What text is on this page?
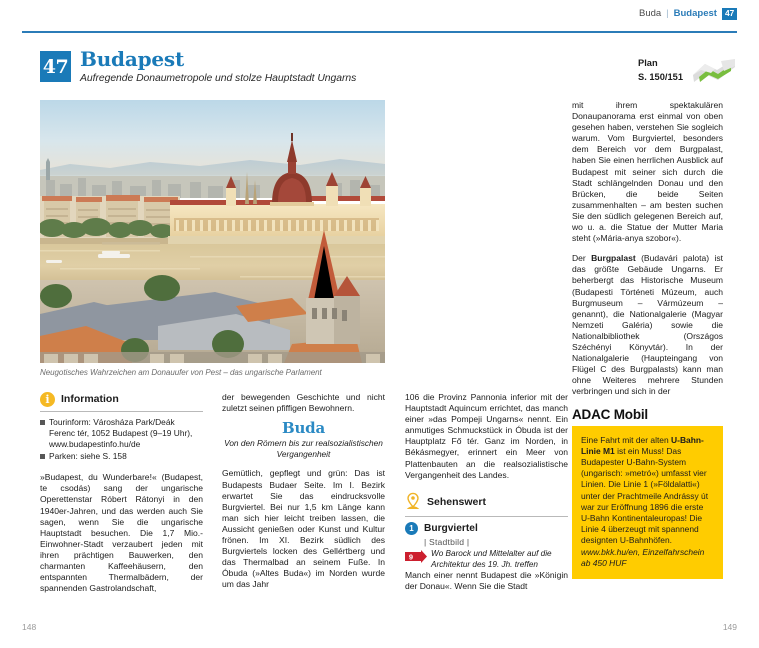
Buda | Budapest 47
47 Budapest
Aufregende Donaumetropole und stolze Hauptstadt Ungarns
Plan
S. 150/151
Neugotisches Wahrzeichen am Donauufer von Pest – das ungarische Parlament
i	Information
Tourinform: Városháza Park/Deák Ferenc tér, 1052 Budapest (9–19 Uhr), www.budapestinfo.hu/de
Parken: siehe S. 158

»Budapest, du Wunderbare!« (Budapest, te csodás) sang der ungarische Operettenstar Róbert Rátonyi in den 1940er-Jahren, und das werden auch Sie sagen, wenn Sie die ungarische Hauptstadt besuchen. Die 1,7 Mio.-Einwohner-Stadt verzaubert jeden mit ihren prächtigen Bauwerken, den charmanten Kaffeehäusern, den entspannten Thermalbädern, der spannenden Gastrolandschaft,

der bewegenden Geschichte und nicht zuletzt seinen pfiffigen Bewohnern.

Buda
Von den Römern bis zur realsozialistischen Vergangenheit

Gemütlich, gepflegt und grün: Das ist Budapests Budaer Seite. Im I. Bezirk erwartet Sie das eindrucksvolle Burgviertel. Bei nur 1,5 km Länge kann man sich hier leicht treiben lassen, die Aussicht genießen oder Kunst und Kultur frönen. Im XI. Bezirk südlich des Burgviertels locken des Gellértberg und das Thermalbad an seinem Fuße. In Óbuda (»Altes Buda«) im Norden wurde um das Jahr

106 die Provinz Pannonia inferior mit der Hauptstadt Aquincum errichtet, das manch einer »das Pompeji Ungarns« nennt. Ein anmutiges Schmuckstück in Óbuda ist der Hauptplatz Fő tér. Ganz im Norden, in Békásmegyer, erinnert ein Meer von Plattenbauten an die realsozialistische Vergangenheit des Landes.

Sehenswert
1	Burgviertel
| Stadtbild |
9 Wo Barock und Mittelalter auf die Architektur des 19. Jh. treffen

Manch einer nennt Budapest die »Königin der Donau«. Wenn Sie die Stadt

mit ihrem spektakulären Donaupanorama erst einmal von oben gesehen haben, verstehen Sie sogleich warum. Vom Burgviertel, besonders dem Bereich vor dem Burgpalast, haben Sie einen herrlichen Ausblick auf Budapest mit seiner sich durch die Stadt schlängelnden Donau und den Brücken, die beide Seiten zusammenhalten – am besten suchen Sie den südlich gelegenen Bereich auf, wo u. a. die Statue der Mutter Maria steht (»Mária-anya szobor«).

Der Burgpalast (Budavári palota) ist das größte Gebäude Ungarns. Er beherbergt das Historische Museum (Budapesti Történeti Múzeum, auch Burgmuseum – Vármúzeum – genannt), die Nationalgalerie (Magyar Nemzeti Galéria) sowie die Nationalbibliothek (Országos Széchényi Könyvtár). In der Nationalgalerie (Haupteingang von Flügel C des Burgpalasts) kann man ohne Weiteres mehrere Stunden verbringen und sich in der

ADAC Mobil
Eine Fahrt mit der alten U-Bahn-Linie M1 ist ein Muss! Das Budapester U-Bahn-System (ungarisch: »metró«) umfasst vier Linien. Die Linie 1 (»Földalatti«) unter der Prachtmeile Andrássy út war zur Eröffnung 1896 die erste U-Bahn Kontinentaleuropas! Die Linie 4 überzeugt mit spannend designten U-Bahnhöfen. www.bkk.hu/en, Einzelfahrschein ab 450 HUF
148	149
